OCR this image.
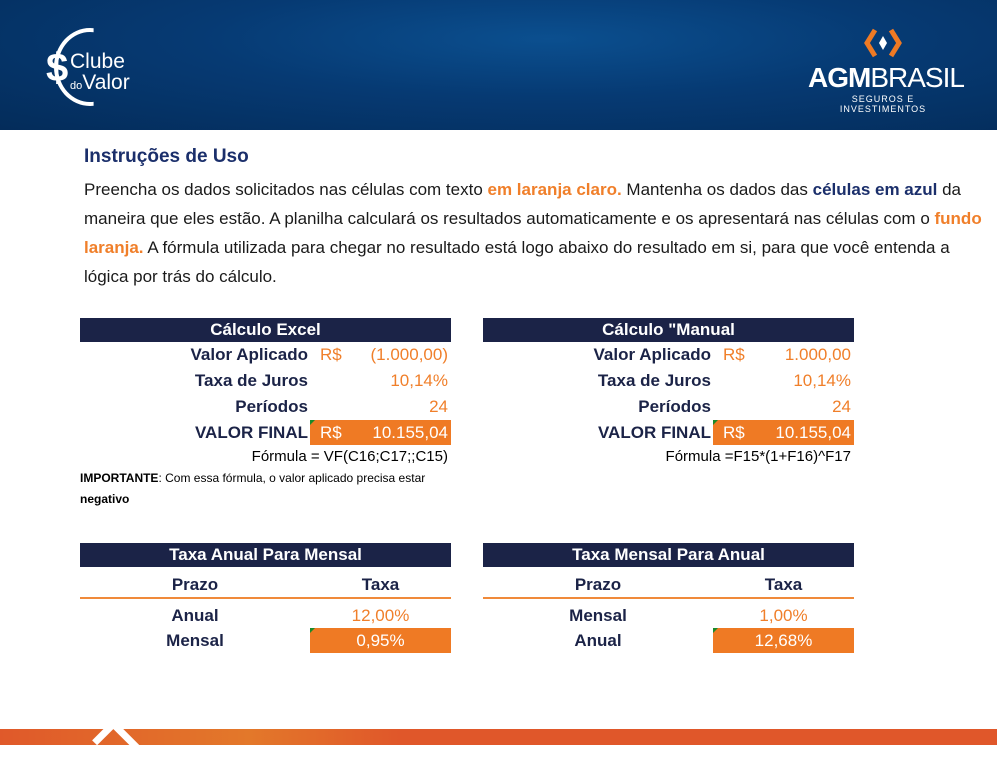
$ Clube
doValor	AGMBRASIL
SEGUROS E INVESTIMENTOS
Instruções de Uso
Preencha os dados solicitados nas células com texto em laranja claro. Mantenha os dados das células em azul da maneira que eles estão. A planilha calculará os resultados automaticamente e os apresentará nas células com o fundo laranja. A fórmula utilizada para chegar no resultado está logo abaixo do resultado em si, para que você entenda a lógica por trás do cálculo.
Cálculo Excel
Valor Aplicado R$ (1.000,00)
Taxa de Juros	10,14%
Períodos	24
VALOR FINAL R$ 10.155,04
Fórmula = VF(C16;C17;;C15)
IMPORTANTE: Com essa fórmula, o valor aplicado precisa estar negativo
Cálculo "Manual
Valor Aplicado R$ 1.000,00
Taxa de Juros	10,14%
Períodos	24
VALOR FINAL R$ 10.155,04
Fórmula =F15*(1+F16)^F17
Taxa Anual Para Mensal
Prazo	Taxa
Anual	12,00%
Mensal	0,95%
Taxa Mensal Para Anual
Prazo	Taxa
Mensal	1,00%
Anual	12,68%
